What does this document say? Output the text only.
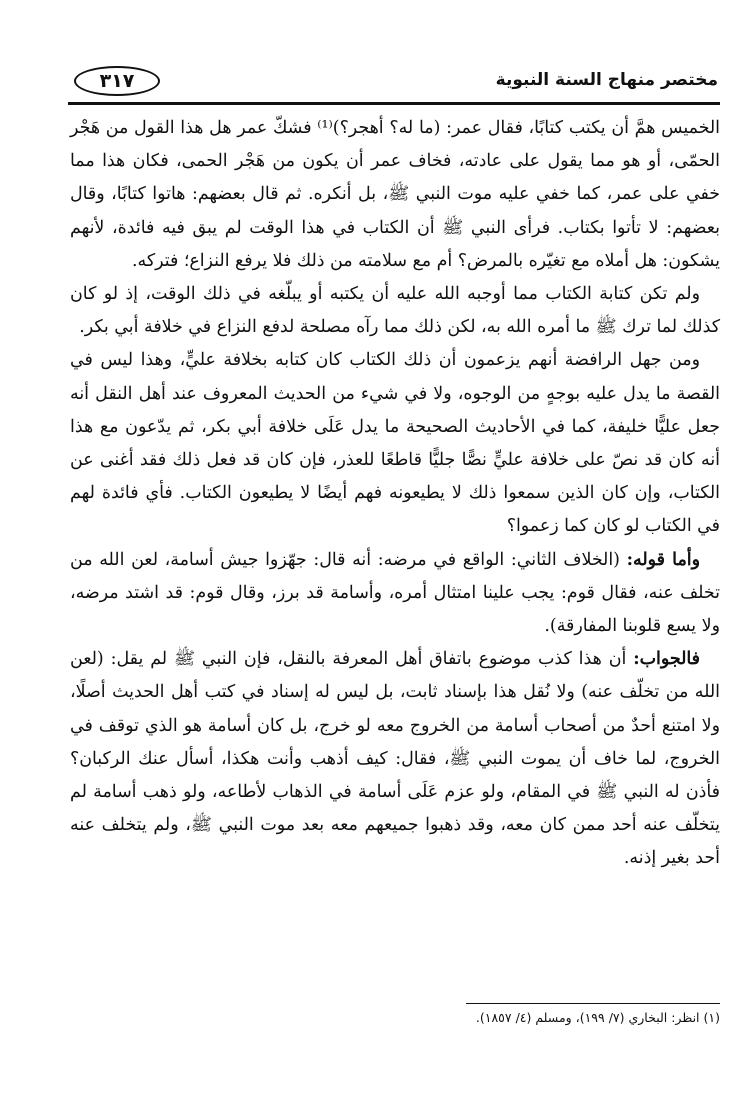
مختصر منهاج السنة النبوية
٣١٧

الخميس همَّ أن يكتب كتابًا، فقال عمر: (ما له؟ أهجر؟)⁽¹⁾ فشكّ عمر هل هذا القول من هَجْر الحمّى، أو هو مما يقول على عادته، فخاف عمر أن يكون من هَجْر الحمى، فكان هذا مما خفي على عمر، كما خفي عليه موت النبي ﷺ، بل أنكره. ثم قال بعضهم: هاتوا كتابًا، وقال بعضهم: لا تأتوا بكتاب. فرأى النبي ﷺ أن الكتاب في هذا الوقت لم يبق فيه فائدة، لأنهم يشكون: هل أملاه مع تغيّره بالمرض؟ أم مع سلامته من ذلك فلا يرفع النزاع؛ فتركه.

ولم تكن كتابة الكتاب مما أوجبه الله عليه أن يكتبه أو يبلّغه في ذلك الوقت، إذ لو كان كذلك لما ترك ﷺ ما أمره الله به، لكن ذلك مما رآه مصلحة لدفع النزاع في خلافة أبي بكر.

ومن جهل الرافضة أنهم يزعمون أن ذلك الكتاب كان كتابه بخلافة عليٍّ، وهذا ليس في القصة ما يدل عليه بوجهٍ من الوجوه، ولا في شيء من الحديث المعروف عند أهل النقل أنه جعل عليًّا خليفة، كما في الأحاديث الصحيحة ما يدل عَلَى خلافة أبي بكر، ثم يدّعون مع هذا أنه كان قد نصّ على خلافة عليٍّ نصًّا جليًّا قاطعًا للعذر، فإن كان قد فعل ذلك فقد أغنى عن الكتاب، وإن كان الذين سمعوا ذلك لا يطيعونه فهم أيضًا لا يطيعون الكتاب. فأي فائدة لهم في الكتاب لو كان كما زعموا؟

وأما قوله: (الخلاف الثاني: الواقع في مرضه: أنه قال: جهّزوا جيش أسامة، لعن الله من تخلف عنه، فقال قوم: يجب علينا امتثال أمره، وأسامة قد برز، وقال قوم: قد اشتد مرضه، ولا يسع قلوبنا المفارقة).

فالجواب: أن هذا كذب موضوع باتفاق أهل المعرفة بالنقل، فإن النبي ﷺ لم يقل: (لعن الله من تخلّف عنه) ولا نُقل هذا بإسناد ثابت، بل ليس له إسناد في كتب أهل الحديث أصلًا، ولا امتنع أحدٌ من أصحاب أسامة من الخروج معه لو خرج، بل كان أسامة هو الذي توقف في الخروج، لما خاف أن يموت النبي ﷺ، فقال: كيف أذهب وأنت هكذا، أسأل عنك الركبان؟ فأذن له النبي ﷺ في المقام، ولو عزم عَلَى أسامة في الذهاب لأطاعه، ولو ذهب أسامة لم يتخلّف عنه أحد ممن كان معه، وقد ذهبوا جميعهم معه بعد موت النبي ﷺ، ولم يتخلف عنه أحد بغير إذنه.

(١) انظر: البخاري (٧/ ١٩٩)، ومسلم (٤/ ١٨٥٧).
